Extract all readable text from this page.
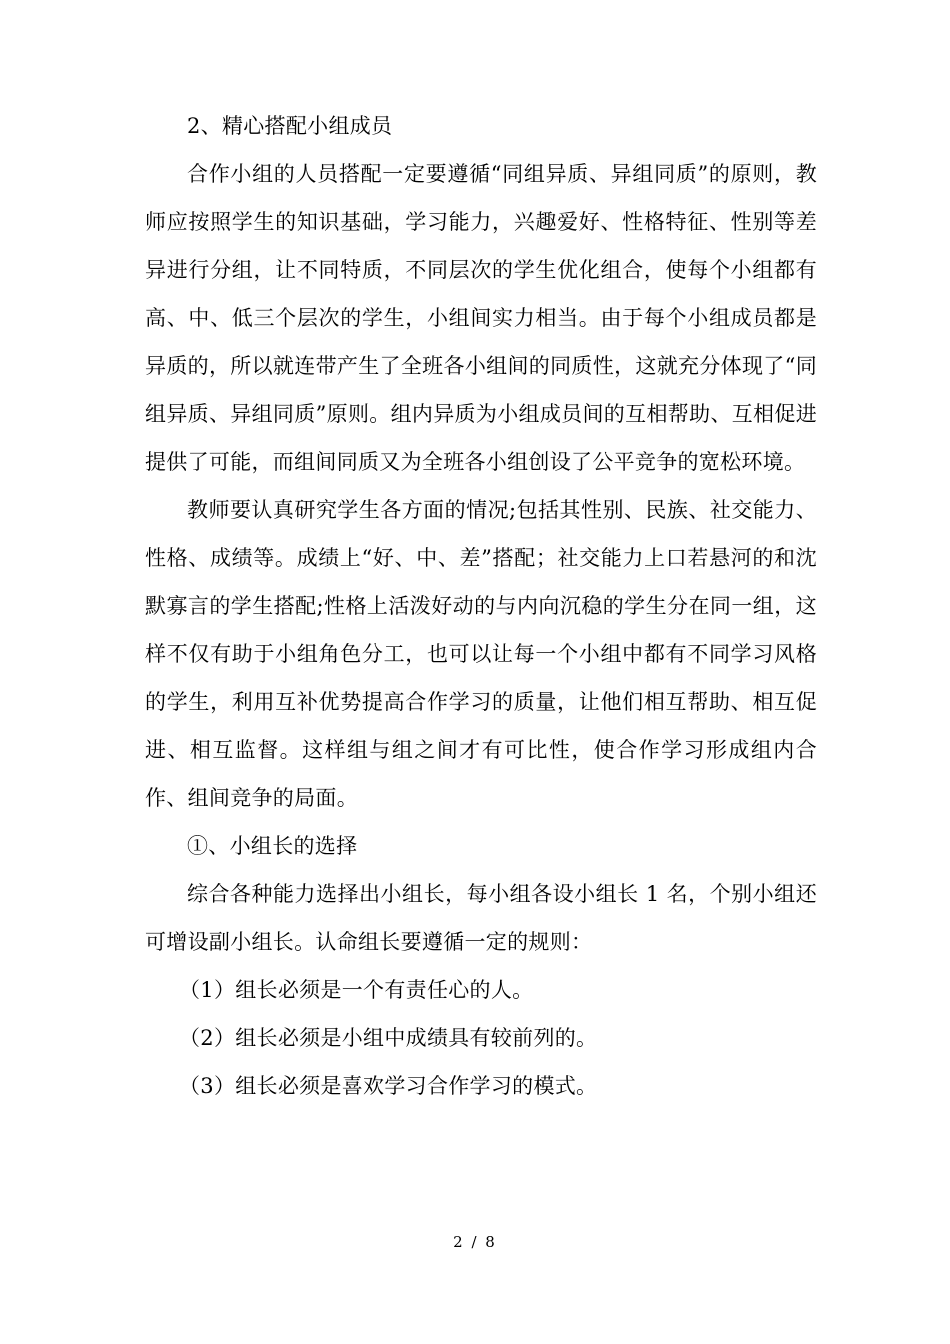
2、精心搭配小组成员

合作小组的人员搭配一定要遵循“同组异质、异组同质”的原则，教师应按照学生的知识基础，学习能力，兴趣爱好、性格特征、性别等差异进行分组，让不同特质，不同层次的学生优化组合，使每个小组都有高、中、低三个层次的学生，小组间实力相当。由于每个小组成员都是异质的，所以就连带产生了全班各小组间的同质性，这就充分体现了“同组异质、异组同质”原则。组内异质为小组成员间的互相帮助、互相促进提供了可能，而组间同质又为全班各小组创设了公平竞争的宽松环境。

教师要认真研究学生各方面的情况;包括其性别、民族、社交能力、性格、成绩等。成绩上“好、中、差”搭配；社交能力上口若悬河的和沈默寡言的学生搭配;性格上活泼好动的与内向沉稳的学生分在同一组，这样不仅有助于小组角色分工，也可以让每一个小组中都有不同学习风格的学生，利用互补优势提高合作学习的质量，让他们相互帮助、相互促进、相互监督。这样组与组之间才有可比性，使合作学习形成组内合作、组间竞争的局面。

①、小组长的选择

综合各种能力选择出小组长，每小组各设小组长 1 名，个别小组还可增设副小组长。认命组长要遵循一定的规则：

（1）组长必须是一个有责任心的人。

（2）组长必须是小组中成绩具有较前列的。

（3）组长必须是喜欢学习合作学习的模式。

2 / 8
